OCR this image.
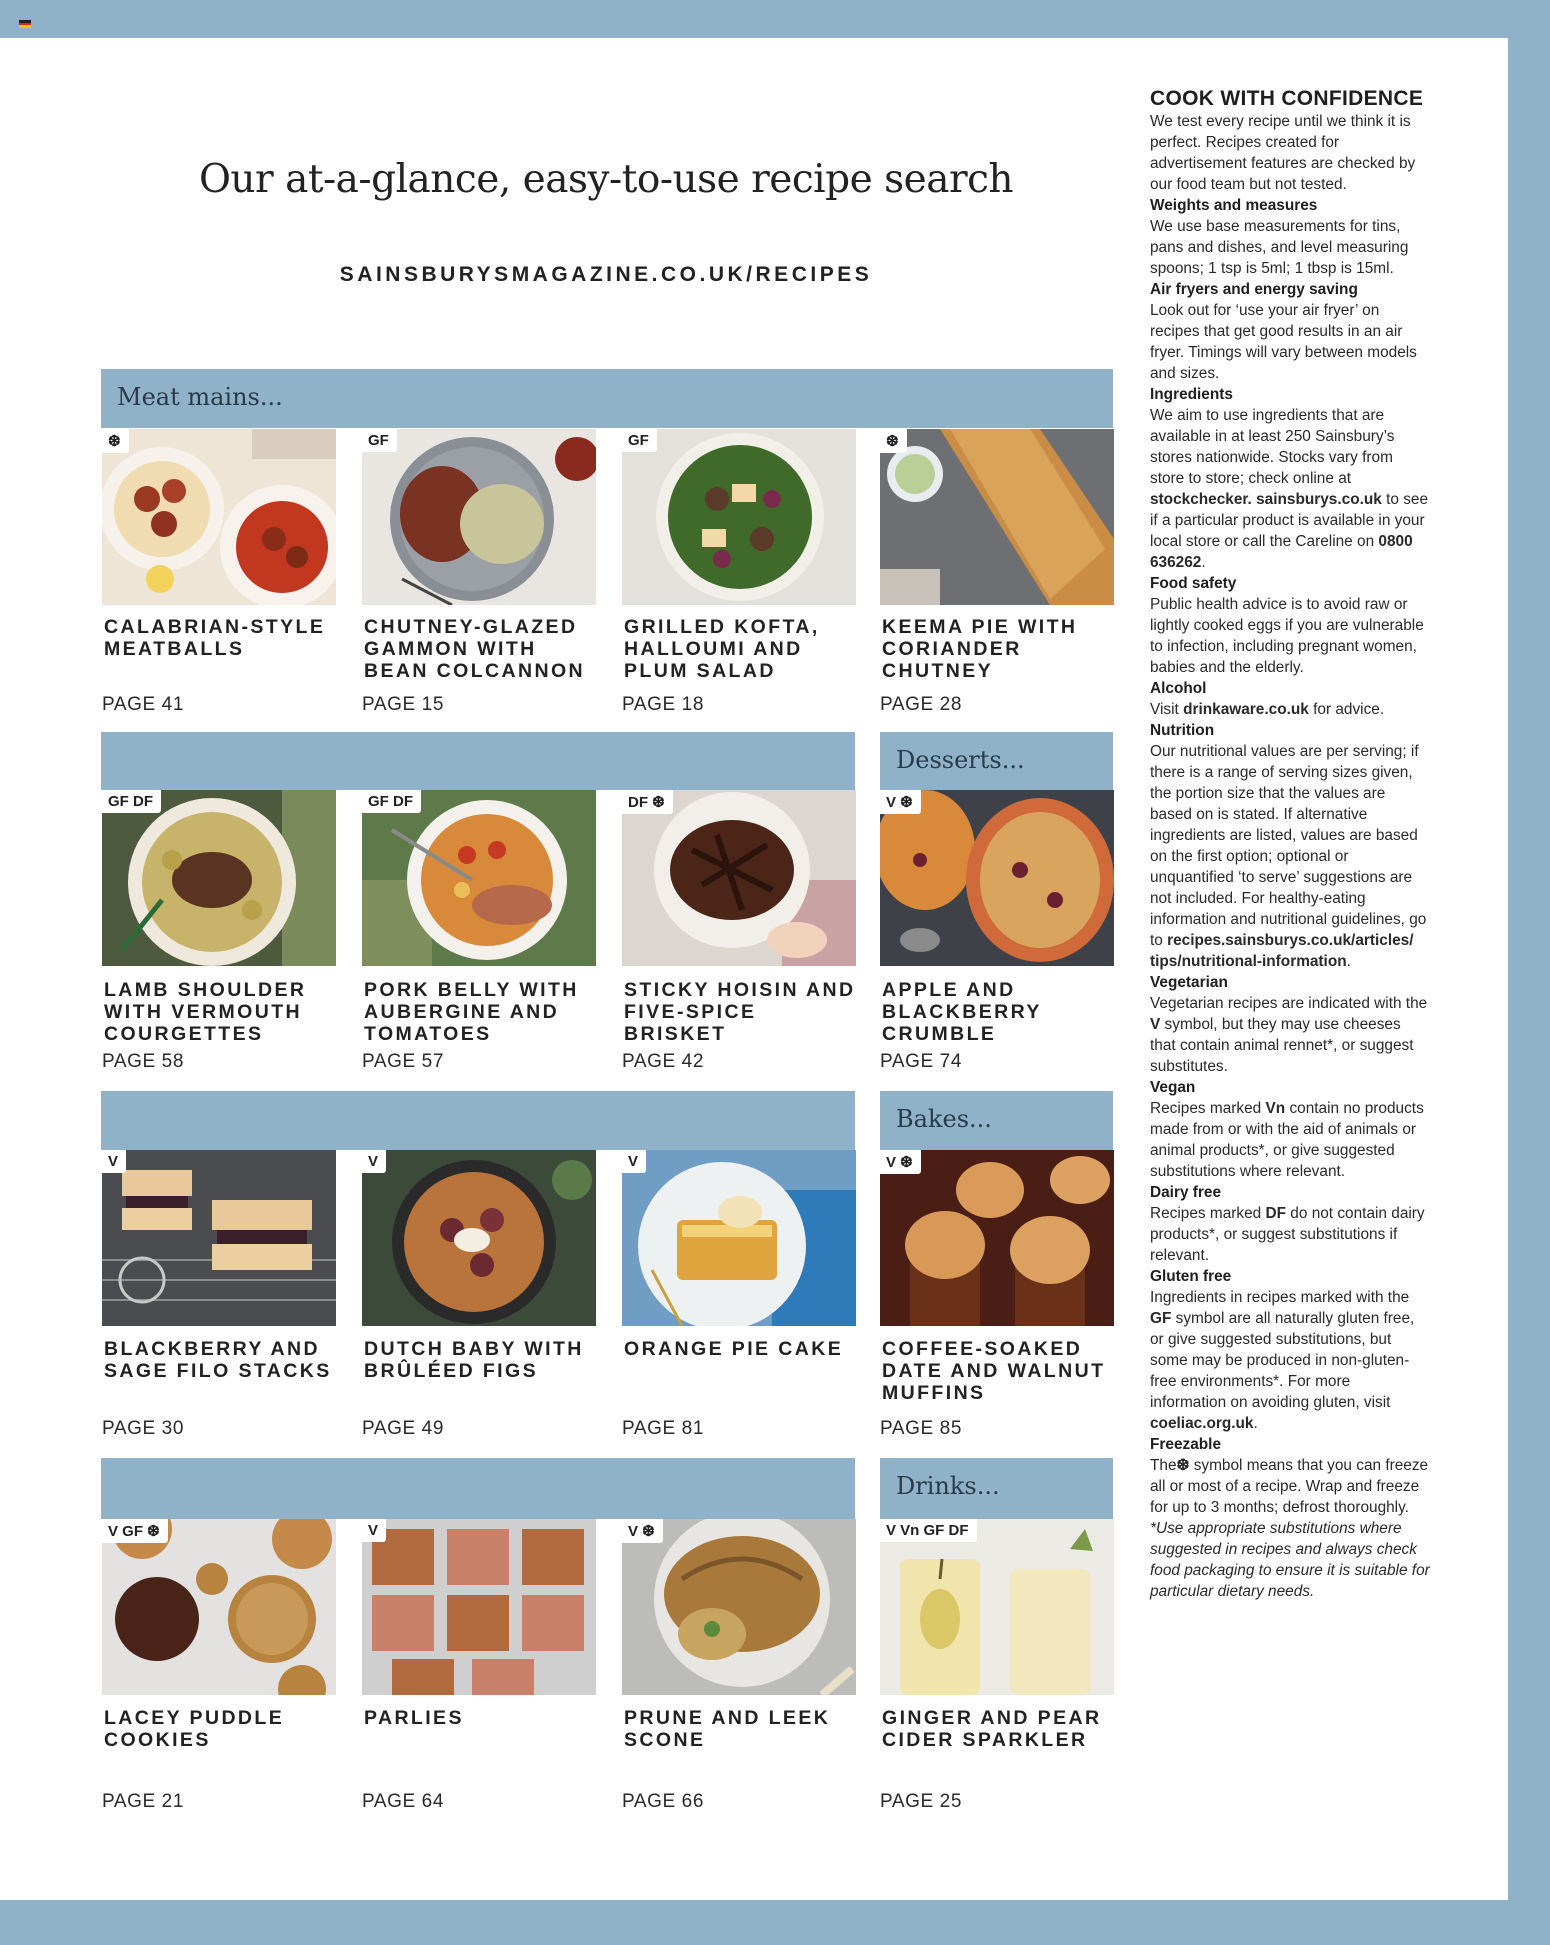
Our at-a-glance, easy-to-use recipe search
SAINSBURYSMAGAZINE.CO.UK/RECIPES
Meat mains...
Desserts...
Bakes...
Drinks...
❆
CALABRIAN-STYLE MEATBALLS
PAGE 41
GF
CHUTNEY-GLAZED GAMMON WITH BEAN COLCANNON
PAGE 15
GF
GRILLED KOFTA, HALLOUMI AND PLUM SALAD
PAGE 18
❆
KEEMA PIE WITH CORIANDER CHUTNEY
PAGE 28
GF DF
LAMB SHOULDER WITH VERMOUTH COURGETTES
PAGE 58
GF DF
PORK BELLY WITH AUBERGINE AND TOMATOES
PAGE 57
DF ❆
STICKY HOISIN AND FIVE-SPICE BRISKET
PAGE 42
V ❆
APPLE AND BLACKBERRY CRUMBLE
PAGE 74
V
BLACKBERRY AND SAGE FILO STACKS
PAGE 30
V
DUTCH BABY WITH BRÛLÉED FIGS
PAGE 49
V
ORANGE PIE CAKE
PAGE 81
V ❆
COFFEE-SOAKED DATE AND WALNUT MUFFINS
PAGE 85
V GF ❆
LACEY PUDDLE COOKIES
PAGE 21
V
PARLIES
PAGE 64
V ❆
PRUNE AND LEEK SCONE
PAGE 66
V Vn GF DF
GINGER AND PEAR CIDER SPARKLER
PAGE 25
COOK WITH CONFIDENCE

We test every recipe until we think it is perfect. Recipes created for advertisement features are checked by our food team but not tested.

Weights and measures

We use base measurements for tins, pans and dishes, and level measuring spoons; 1 tsp is 5ml; 1 tbsp is 15ml.

Air fryers and energy saving

Look out for ‘use your air fryer’ on recipes that get good results in an air fryer. Timings will vary between models and sizes.

Ingredients

We aim to use ingredients that are available in at least 250 Sainsbury’s stores nationwide. Stocks vary from store to store; check online at stockchecker. sainsburys.co.uk to see if a particular product is available in your local store or call the Careline on 0800 636262.

Food safety

Public health advice is to avoid raw or lightly cooked eggs if you are vulnerable to infection, including pregnant women, babies and the elderly.

Alcohol

Visit drinkaware.co.uk for advice.

Nutrition

Our nutritional values are per serving; if there is a range of serving sizes given, the portion size that the values are based on is stated. If alternative ingredients are listed, values are based on the first option; optional or unquantified ‘to serve’ suggestions are not included. For healthy-eating information and nutritional guidelines, go to recipes.sainsburys.co.uk/articles/ tips/nutritional-information.

Vegetarian

Vegetarian recipes are indicated with the V symbol, but they may use cheeses that contain animal rennet*, or suggest substitutes.

Vegan

Recipes marked Vn contain no products made from or with the aid of animals or animal products*, or give suggested substitutions where relevant.

Dairy free

Recipes marked DF do not contain dairy products*, or suggest substitutions if relevant.

Gluten free

Ingredients in recipes marked with the GF symbol are all naturally gluten free, or give suggested substitutions, but some may be produced in non-gluten-free environments*. For more information on avoiding gluten, visit coeliac.org.uk.

Freezable

The❆ symbol means that you can freeze all or most of a recipe. Wrap and freeze for up to 3 months; defrost thoroughly.

*Use appropriate substitutions where suggested in recipes and always check food packaging to ensure it is suitable for particular dietary needs.
